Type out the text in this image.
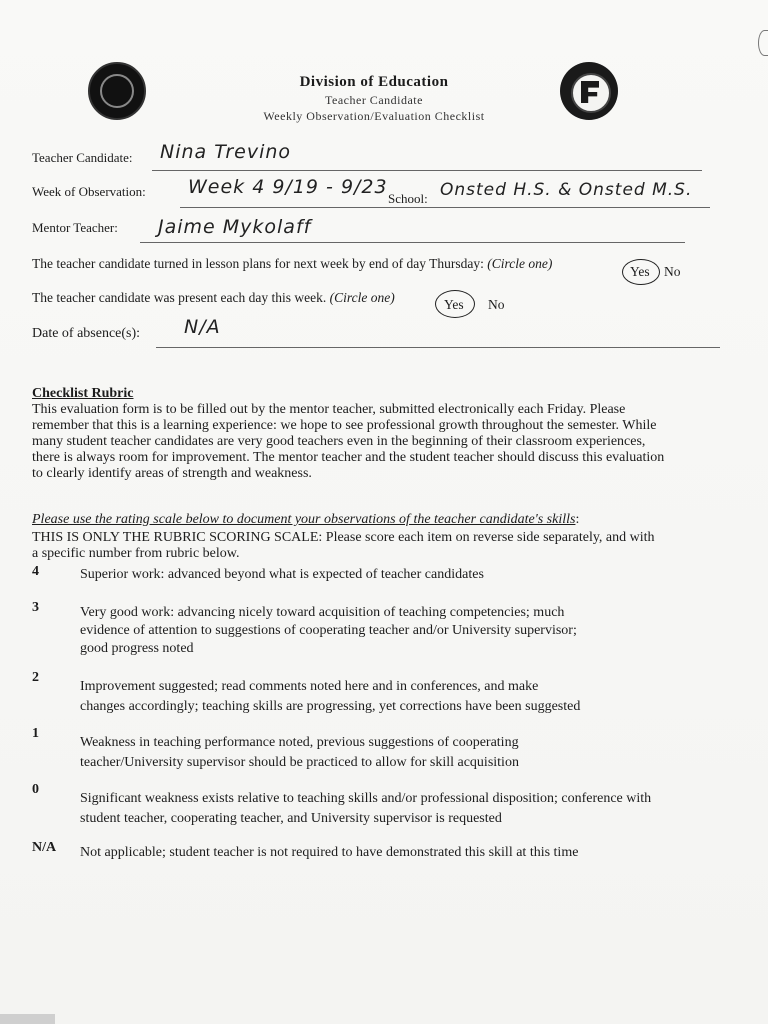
Division of Education
Teacher Candidate
Weekly Observation/Evaluation Checklist
Teacher Candidate: Nina Trevino
Week of Observation: Week 4 9/19 - 9/23
School: Onsted H.S. & Onsted M.S.
Mentor Teacher: Jaime Mykolaff
The teacher candidate turned in lesson plans for next week by end of day Thursday: (Circle one)
Yes No
The teacher candidate was present each day this week. (Circle one)	Yes No
Date of absence(s): N/A
Checklist Rubric
This evaluation form is to be filled out by the mentor teacher, submitted electronically each Friday. Please
remember that this is a learning experience: we hope to see professional growth throughout the semester. While
many student teacher candidates are very good teachers even in the beginning of their classroom experiences,
there is always room for improvement. The mentor teacher and the student teacher should discuss this evaluation
to clearly identify areas of strength and weakness.
Please use the rating scale below to document your observations of the teacher candidate's skills:
THIS IS ONLY THE RUBRIC SCORING SCALE: Please score each item on reverse side separately, and with
a specific number from rubric below.
4	Superior work: advanced beyond what is expected of teacher candidates
3	Very good work: advancing nicely toward acquisition of teaching competencies; much
evidence of attention to suggestions of cooperating teacher and/or University supervisor;
good progress noted
2
Improvement suggested; read comments noted here and in conferences, and make
changes accordingly; teaching skills are progressing, yet corrections have been suggested
1
Weakness in teaching performance noted, previous suggestions of cooperating
teacher/University supervisor should be practiced to allow for skill acquisition
0
Significant weakness exists relative to teaching skills and/or professional disposition; conference with
student teacher, cooperating teacher, and University supervisor is requested
N/A Not applicable; student teacher is not required to have demonstrated this skill at this time
